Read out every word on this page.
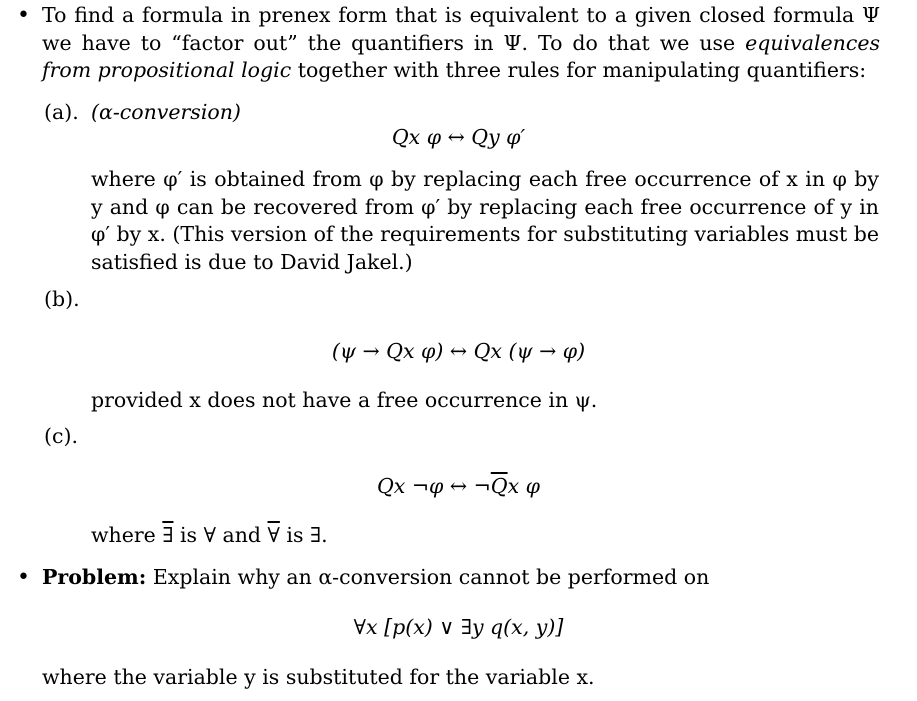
• To find a formula in prenex form that is equivalent to a given closed formula Ψ we have to “factor out” the quantifiers in Ψ. To do that we use equivalences from propositional logic together with three rules for manipulating quantifiers:
(a). (α-conversion)
Qx φ ↔ Qy φ′
where φ′ is obtained from φ by replacing each free occurrence of x in φ by y and φ can be recovered from φ′ by replacing each free occurrence of y in φ′ by x. (This version of the requirements for substituting variables must be satisfied is due to David Jakel.)
(b).
(ψ → Qx φ) ↔ Qx (ψ → φ)
provided x does not have a free occurrence in ψ.
(c).
Qx ¬φ ↔ $\neg\overline{Q}x$ φ
where ∃ is ∀ and ∀ is ∃.
• Problem: Explain why an α-conversion cannot be performed on
∀x [p(x) ∨ ∃y q(x, y)]
where the variable y is substituted for the variable x.
